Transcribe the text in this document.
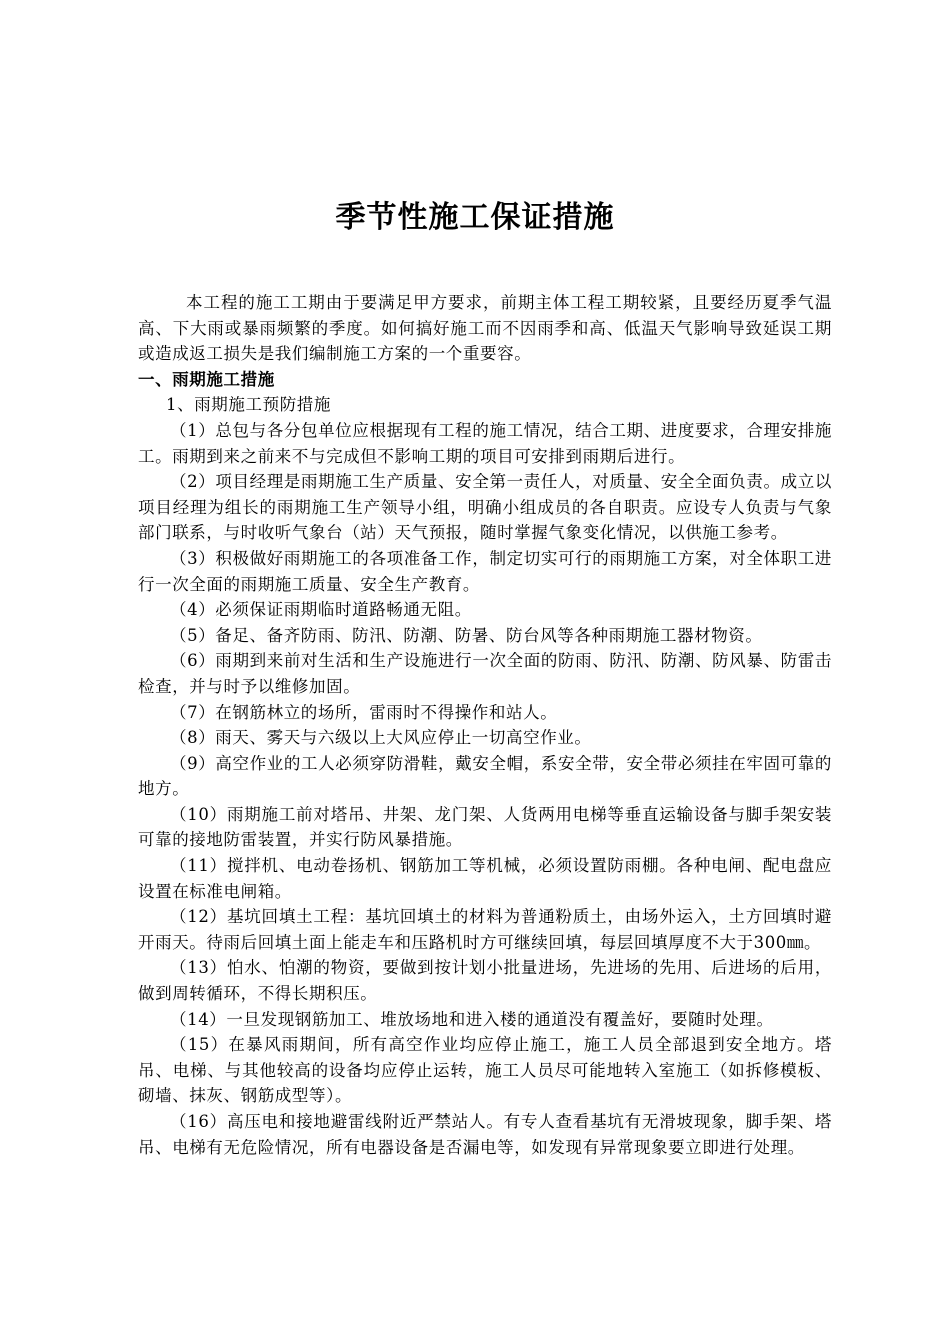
季节性施工保证措施

本工程的施工工期由于要满足甲方要求，前期主体工程工期较紧，且要经历夏季气温高、下大雨或暴雨频繁的季度。如何搞好施工而不因雨季和高、低温天气影响导致延误工期或造成返工损失是我们编制施工方案的一个重要容。

一、雨期施工措施

1、雨期施工预防措施

（1）总包与各分包单位应根据现有工程的施工情况，结合工期、进度要求，合理安排施工。雨期到来之前来不与完成但不影响工期的项目可安排到雨期后进行。

（2）项目经理是雨期施工生产质量、安全第一责任人，对质量、安全全面负责。成立以项目经理为组长的雨期施工生产领导小组，明确小组成员的各自职责。应设专人负责与气象部门联系，与时收听气象台（站）天气预报，随时掌握气象变化情况，以供施工参考。

（3）积极做好雨期施工的各项准备工作，制定切实可行的雨期施工方案，对全体职工进行一次全面的雨期施工质量、安全生产教育。

（4）必须保证雨期临时道路畅通无阻。

（5）备足、备齐防雨、防汛、防潮、防暑、防台风等各种雨期施工器材物资。

（6）雨期到来前对生活和生产设施进行一次全面的防雨、防汛、防潮、防风暴、防雷击检查，并与时予以维修加固。

（7）在钢筋林立的场所，雷雨时不得操作和站人。

（8）雨天、雾天与六级以上大风应停止一切高空作业。

（9）高空作业的工人必须穿防滑鞋，戴安全帽，系安全带，安全带必须挂在牢固可靠的地方。

（10）雨期施工前对塔吊、井架、龙门架、人货两用电梯等垂直运输设备与脚手架安装可靠的接地防雷装置，并实行防风暴措施。

（11）搅拌机、电动卷扬机、钢筋加工等机械，必须设置防雨棚。各种电闸、配电盘应设置在标准电闸箱。

（12）基坑回填土工程：基坑回填土的材料为普通粉质土，由场外运入，土方回填时避开雨天。待雨后回填土面上能走车和压路机时方可继续回填，每层回填厚度不大于300㎜。

（13）怕水、怕潮的物资，要做到按计划小批量进场，先进场的先用、后进场的后用，做到周转循环，不得长期积压。

（14）一旦发现钢筋加工、堆放场地和进入楼的通道没有覆盖好，要随时处理。

（15）在暴风雨期间，所有高空作业均应停止施工，施工人员全部退到安全地方。塔吊、电梯、与其他较高的设备均应停止运转，施工人员尽可能地转入室施工（如拆修模板、砌墙、抹灰、钢筋成型等）。

（16）高压电和接地避雷线附近严禁站人。有专人查看基坑有无滑坡现象，脚手架、塔吊、电梯有无危险情况，所有电器设备是否漏电等，如发现有异常现象要立即进行处理。
